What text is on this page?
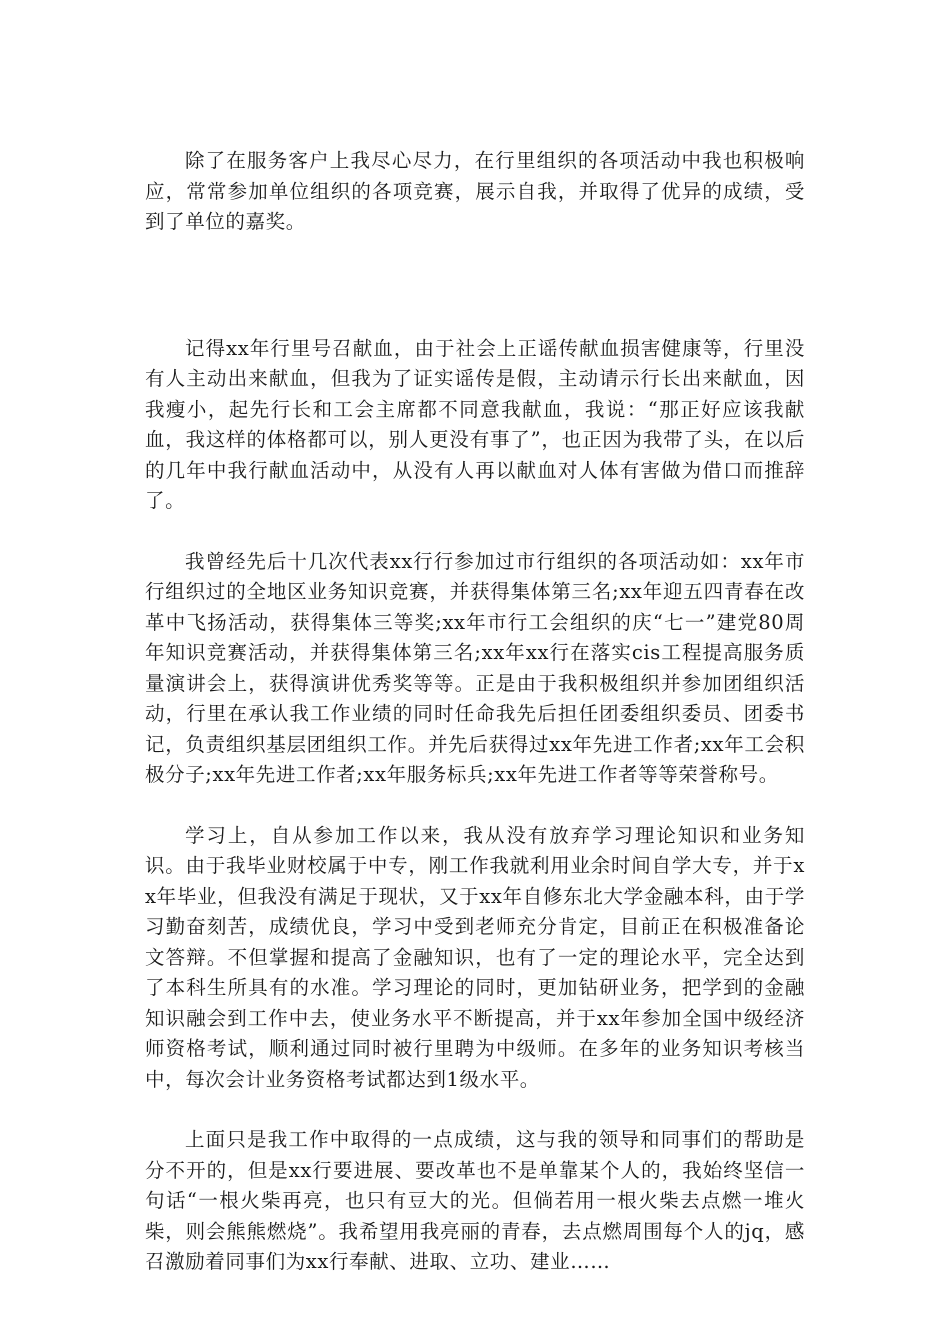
除了在服务客户上我尽心尽力，在行里组织的各项活动中我也积极响应，常常参加单位组织的各项竞赛，展示自我，并取得了优异的成绩，受到了单位的嘉奖。

记得xx年行里号召献血，由于社会上正谣传献血损害健康等，行里没有人主动出来献血，但我为了证实谣传是假，主动请示行长出来献血，因我瘦小，起先行长和工会主席都不同意我献血，我说：“那正好应该我献血，我这样的体格都可以，别人更没有事了”，也正因为我带了头，在以后的几年中我行献血活动中，从没有人再以献血对人体有害做为借口而推辞了。

我曾经先后十几次代表xx行行参加过市行组织的各项活动如：xx年市行组织过的全地区业务知识竞赛，并获得集体第三名;xx年迎五四青春在改革中飞扬活动，获得集体三等奖;xx年市行工会组织的庆“七一”建党80周年知识竞赛活动，并获得集体第三名;xx年xx行在落实cis工程提高服务质量演讲会上，获得演讲优秀奖等等。正是由于我积极组织并参加团组织活动，行里在承认我工作业绩的同时任命我先后担任团委组织委员、团委书记，负责组织基层团组织工作。并先后获得过xx年先进工作者;xx年工会积极分子;xx年先进工作者;xx年服务标兵;xx年先进工作者等等荣誉称号。

学习上，自从参加工作以来，我从没有放弃学习理论知识和业务知识。由于我毕业财校属于中专，刚工作我就利用业余时间自学大专，并于xx年毕业，但我没有满足于现状，又于xx年自修东北大学金融本科，由于学习勤奋刻苦，成绩优良，学习中受到老师充分肯定，目前正在积极准备论文答辩。不但掌握和提高了金融知识，也有了一定的理论水平，完全达到了本科生所具有的水准。学习理论的同时，更加钻研业务，把学到的金融知识融会到工作中去，使业务水平不断提高，并于xx年参加全国中级经济师资格考试，顺利通过同时被行里聘为中级师。在多年的业务知识考核当中，每次会计业务资格考试都达到1级水平。

上面只是我工作中取得的一点成绩，这与我的领导和同事们的帮助是分不开的，但是xx行要进展、要改革也不是单靠某个人的，我始终坚信一句话“一根火柴再亮，也只有豆大的光。但倘若用一根火柴去点燃一堆火柴，则会熊熊燃烧”。我希望用我亮丽的青春，去点燃周围每个人的jq，感召激励着同事们为xx行奉献、进取、立功、建业……
